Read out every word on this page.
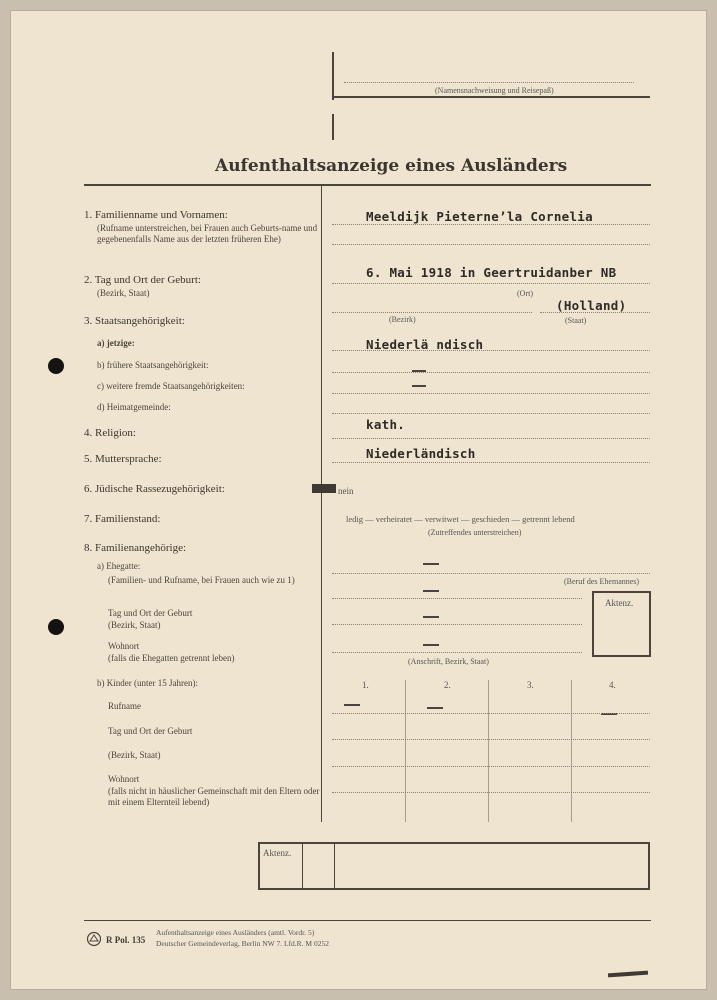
(Namensnachweisung und Reisepaß)
Aufenthaltsanzeige eines Ausländers
1. Familienname und Vornamen:
(Rufname unterstreichen, bei Frauen auch Geburts-name und gegebenenfalls Name aus der letzten früheren Ehe)
Meeldijk Pieterne’la Cornelia
2. Tag und Ort der Geburt:
(Bezirk, Staat)
6. Mai 1918 in Geertruidanber NB
(Ort)
(Holland)
(Bezirk)	(Staat)
3. Staatsangehörigkeit:
a) jetzige:	Niederlä ndisch
b) frühere Staatsangehörigkeit:
c) weitere fremde Staatsangehörigkeiten:
d) Heimatgemeinde:
4. Religion:
kath.
5. Muttersprache:	Niederländisch
6. Jüdische Rassezugehörigkeit:	nein
7. Familienstand:	ledig — verheiratet — verwitwet — geschieden — getrennt lebend
(Zutreffendes unterstreichen)
8. Familienangehörige:
a) Ehegatte:
(Familien- und Rufname, bei Frauen auch wie zu 1)	(Beruf des Ehemannes)
Tag und Ort der Geburt
(Bezirk, Staat)
Aktenz.
Wohnort
(falls die Ehegatten getrennt leben)	(Anschrift, Bezirk, Staat)
b) Kinder (unter 15 Jahren):	1.	2.	3.	4.
Rufname
Tag und Ort der Geburt
(Bezirk, Staat)
Wohnort
(falls nicht in häuslicher Gemeinschaft mit den Eltern oder mit einem Elternteil lebend)
Aktenz.
R Pol. 135
Aufenthaltsanzeige eines Ausländers (amtl. Vordr. 5)
Deutscher Gemeindeverlag, Berlin NW 7. Lfd.R. M 0252
